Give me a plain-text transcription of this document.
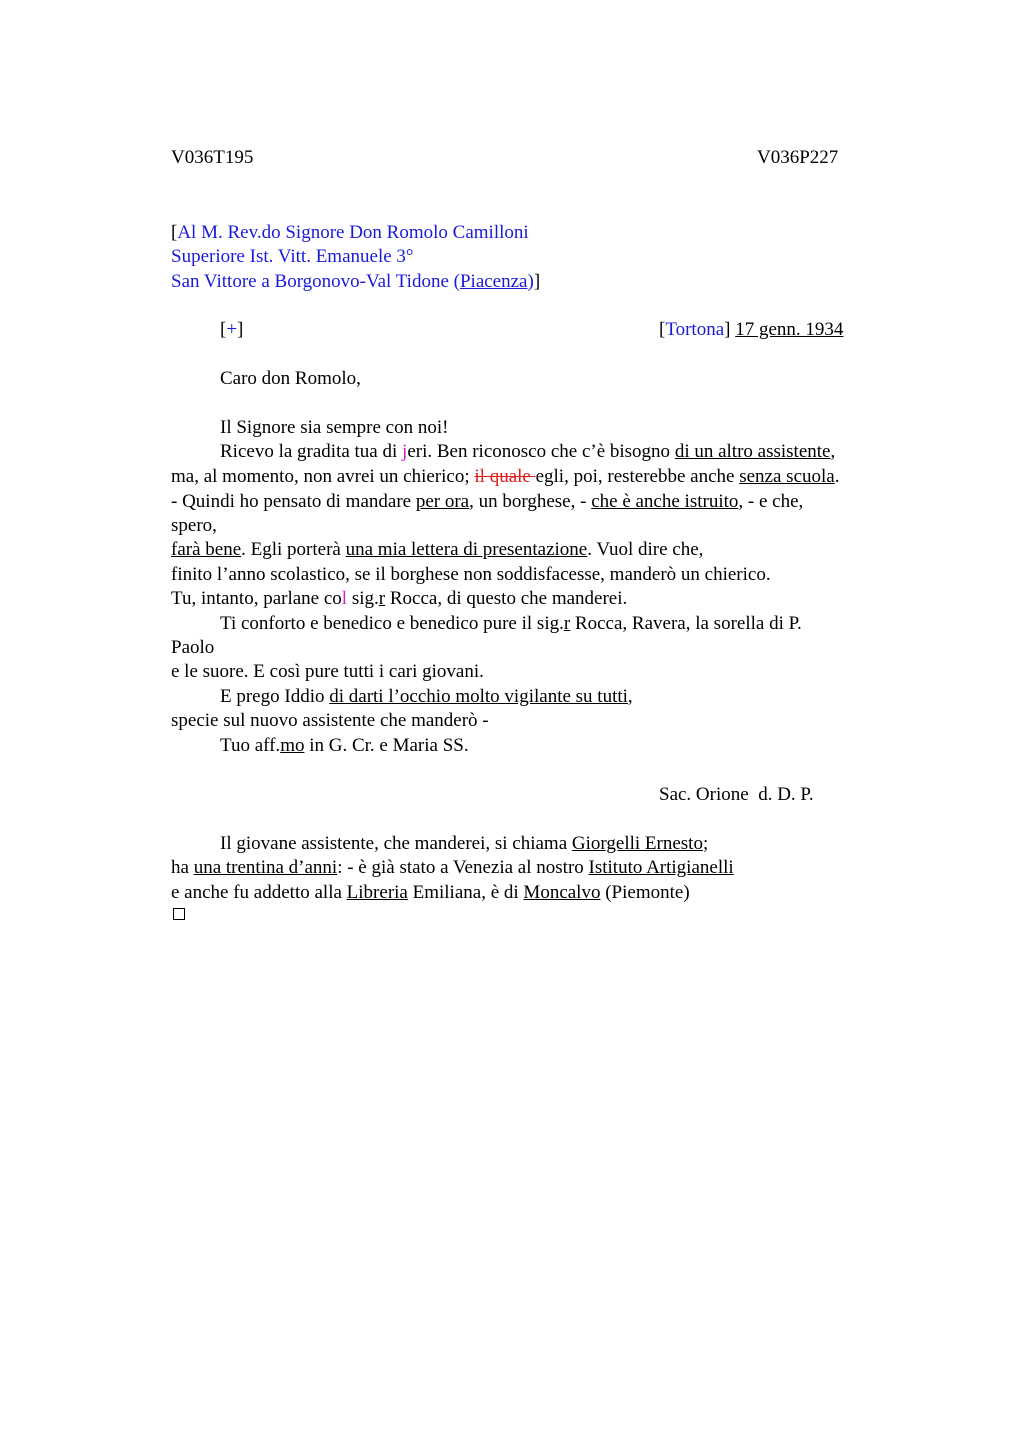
V036T195	V036P227
[Al M. Rev.do Signore Don Romolo Camilloni
Superiore Ist. Vitt. Emanuele 3°
San Vittore a Borgonovo-Val Tidone (Piacenza)]
[+]	[Tortona] 17 genn. 1934
Caro don Romolo,
Il Signore sia sempre con noi!
Ricevo la gradita tua di jeri. Ben riconosco che c’è bisogno di un altro assistente,
ma, al momento, non avrei un chierico; il quale egli, poi, resterebbe anche senza scuola.
- Quindi ho pensato di mandare per ora, un borghese, - che è anche istruito, - e che,
spero,
farà bene. Egli porterà una mia lettera di presentazione. Vuol dire che,
finito l’anno scolastico, se il borghese non soddisfacesse, manderò un chierico.
Tu, intanto, parlane col sig.r Rocca, di questo che manderei.
Ti conforto e benedico e benedico pure il sig.r Rocca, Ravera, la sorella di P.
Paolo
e le suore. E così pure tutti i cari giovani.
E prego Iddio di darti l’occhio molto vigilante su tutti,
specie sul nuovo assistente che manderò -
Tuo aff.mo in G. Cr. e Maria SS.
Sac. Orione  d. D. P.
Il giovane assistente, che manderei, si chiama Giorgelli Ernesto;
ha una trentina d’anni: - è già stato a Venezia al nostro Istituto Artigianelli
e anche fu addetto alla Libreria Emiliana, è di Moncalvo (Piemonte)
